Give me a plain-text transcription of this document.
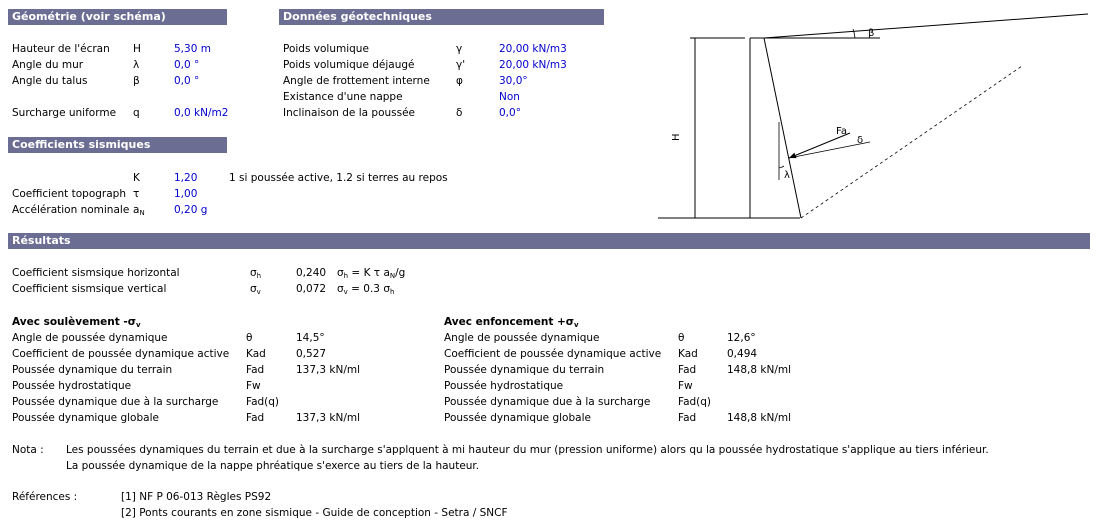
Géométrie (voir schéma)
Hauteur de l'écran H	5,30 m
Angle du mur	λ	0,0 °
Angle du talus	β	0,0 °
Surcharge uniforme q	0,0 kN/m2
Données géotechniques
Poids volumique	γ	20,00 kN/m3
Poids volumique déjaugé	γ'	20,00 kN/m3
Angle de frottement interne φ	30,0°
Existance d'une nappe	Non
Inclinaison de la poussée	δ	0,0°
Coefficients sismiques
K	1,20	1 si poussée active, 1.2 si terres au repos
Coefficient topograph τ	1,00
Accélération nominale $a_N$	0,20 g
Résultats
Coefficient sismsique horizontal	$\sigma_h$	0,240 $\sigma_h = K$ τ $a_N/g$
Coefficient sismsique vertical	$\sigma_v$	0,072 $\sigma_v = 0.3$ $\sigma_h$
Avec soulèvement $-\sigma_v$
Angle de poussée dynamique	θ	14,5°
Coefficient de poussée dynamique active Kad	0,527
Poussée dynamique du terrain	Fad	137,3 kN/ml
Poussée hydrostatique	Fw
Poussée dynamique due à la surcharge	Fad(q)
Poussée dynamique globale	Fad	137,3 kN/ml
Avec enfoncement $+\sigma_v$
Angle de poussée dynamique	θ	12,6°
Coefficient de poussée dynamique active Kad	0,494
Poussée dynamique du terrain	Fad	148,8 kN/ml
Poussée hydrostatique	Fw
Poussée dynamique due à la surcharge	Fad(q)
Poussée dynamique globale	Fad	148,8 kN/ml
Nota : Les poussées dynamiques du terrain et due à la surcharge s'applquent à mi hauteur du mur (pression uniforme) alors qu la poussée hydrostatique s'applique au tiers inférieur.
La poussée dynamique de la nappe phréatique s'exerce au tiers de la hauteur.
Références :	[1] NF P 06-013 Règles PS92
[2] Ponts courants en zone sismique - Guide de conception - Setra / SNCF
H
β
λ
Fa
δ
